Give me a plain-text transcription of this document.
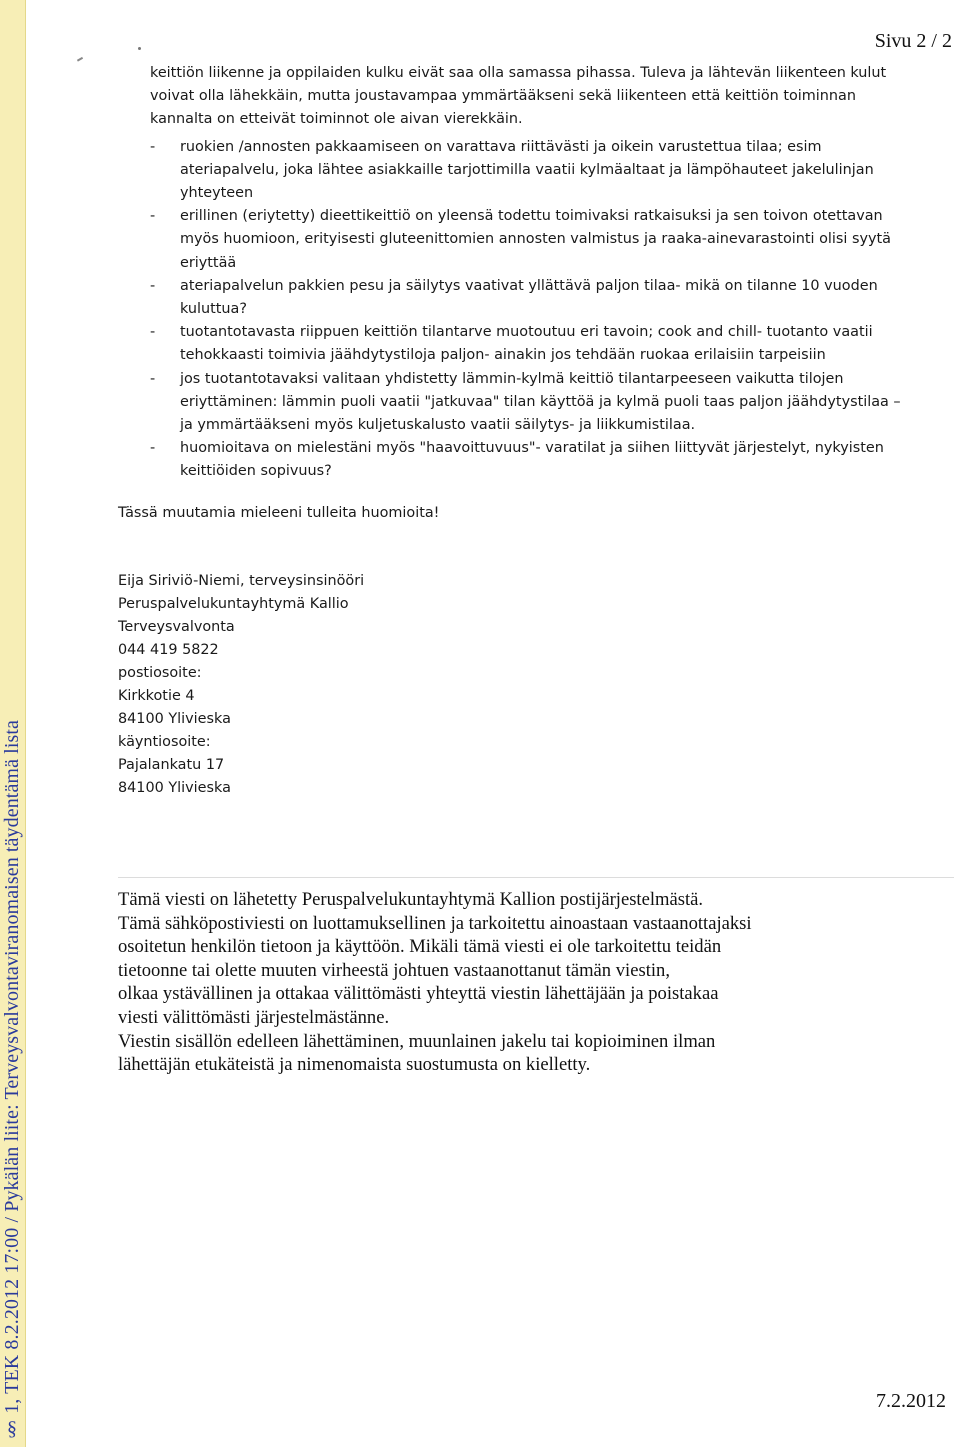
§ 1, TEK 8.2.2012 17:00 / Pykälän liite: Terveysvalvontaviranomaisen täydentämä lista
Sivu 2 / 2
keittiön liikenne ja oppilaiden kulku eivät saa olla samassa pihassa. Tuleva ja lähtevän liikenteen kulut
voivat olla lähekkäin, mutta joustavampaa ymmärtääkseni sekä liikenteen että keittiön toiminnan
kannalta on etteivät toiminnot ole aivan vierekkäin.
-	ruokien /annosten pakkaamiseen on varattava riittävästi ja oikein varustettua tilaa; esim
ateriapalvelu, joka lähtee asiakkaille tarjottimilla vaatii kylmäaltaat ja lämpöhauteet jakelulinjan
yhteyteen
-	erillinen (eriytetty) dieettikeittiö on yleensä todettu toimivaksi ratkaisuksi ja sen toivon otettavan
myös huomioon, erityisesti gluteenittomien annosten valmistus ja raaka-ainevarastointi olisi syytä
eriyttää
-	ateriapalvelun pakkien pesu ja säilytys vaativat yllättävä paljon tilaa- mikä on tilanne 10 vuoden
kuluttua?
-	tuotantotavasta riippuen keittiön tilantarve muotoutuu eri tavoin; cook and chill- tuotanto vaatii
tehokkaasti toimivia jäähdytystiloja paljon- ainakin jos tehdään ruokaa erilaisiin tarpeisiin
-	jos tuotantotavaksi valitaan yhdistetty lämmin-kylmä keittiö tilantarpeeseen vaikutta tilojen
eriyttäminen: lämmin puoli vaatii "jatkuvaa" tilan käyttöä ja kylmä puoli taas paljon jäähdytystilaa –
ja ymmärtääkseni myös kuljetuskalusto vaatii säilytys- ja liikkumistilaa.
-	huomioitava on mielestäni myös "haavoittuvuus"- varatilat ja siihen liittyvät järjestelyt, nykyisten
keittiöiden sopivuus?
Tässä muutamia mieleeni tulleita huomioita!
Eija Siriviö-Niemi, terveysinsinööri
Peruspalvelukuntayhtymä Kallio
Terveysvalvonta
044 419 5822
postiosoite:
Kirkkotie 4
84100 Ylivieska
käyntiosoite:
Pajalankatu 17
84100 Ylivieska
Tämä viesti on lähetetty Peruspalvelukuntayhtymä Kallion postijärjestelmästä.
Tämä sähköpostiviesti on luottamuksellinen ja tarkoitettu ainoastaan vastaanottajaksi
osoitetun henkilön tietoon ja käyttöön. Mikäli tämä viesti ei ole tarkoitettu teidän
tietoonne tai olette muuten virheestä johtuen vastaanottanut tämän viestin,
olkaa ystävällinen ja ottakaa välittömästi yhteyttä viestin lähettäjään ja poistakaa
viesti välittömästi järjestelmästänne.
Viestin sisällön edelleen lähettäminen, muunlainen jakelu tai kopioiminen ilman
lähettäjän etukäteistä ja nimenomaista suostumusta on kielletty.
7.2.2012
